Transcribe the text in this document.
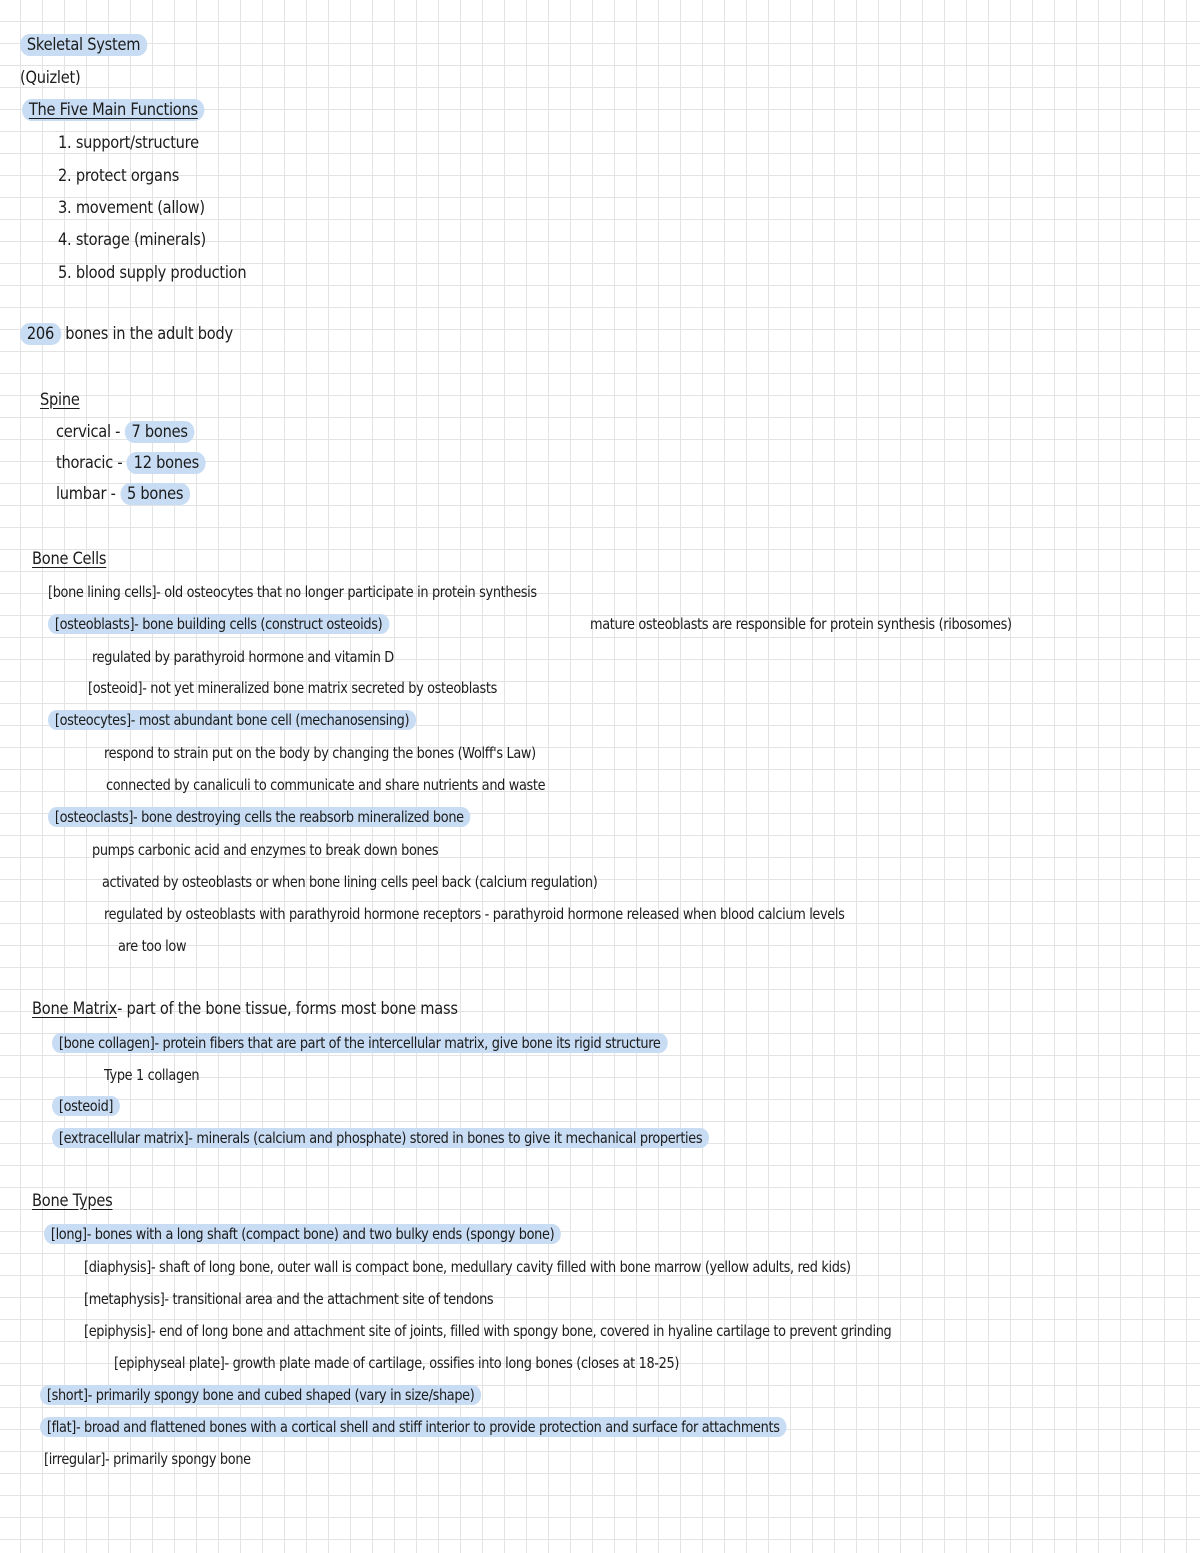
Skeletal System
(Quizlet)
The Five Main Functions
1. support/structure
2. protect organs
3. movement (allow)
4. storage (minerals)
5. blood supply production
206 bones in the adult body
Spine
cervical - 7 bones
thoracic - 12 bones
lumbar - 5 bones
Bone Cells
[bone lining cells]- old osteocytes that no longer participate in protein synthesis
[osteoblasts]- bone building cells (construct osteoids)	mature osteoblasts are responsible for protein synthesis (ribosomes)
regulated by parathyroid hormone and vitamin D
[osteoid]- not yet mineralized bone matrix secreted by osteoblasts
[osteocytes]- most abundant bone cell (mechanosensing)
respond to strain put on the body by changing the bones (Wolff's Law)
connected by canaliculi to communicate and share nutrients and waste
[osteoclasts]- bone destroying cells the reabsorb mineralized bone
pumps carbonic acid and enzymes to break down bones
activated by osteoblasts or when bone lining cells peel back (calcium regulation)
regulated by osteoblasts with parathyroid hormone receptors - parathyroid hormone released when blood calcium levels
are too low
Bone Matrix- part of the bone tissue, forms most bone mass
[bone collagen]- protein fibers that are part of the intercellular matrix, give bone its rigid structure
Type 1 collagen
[osteoid]
[extracellular matrix]- minerals (calcium and phosphate) stored in bones to give it mechanical properties
Bone Types
[long]- bones with a long shaft (compact bone) and two bulky ends (spongy bone)
[diaphysis]- shaft of long bone, outer wall is compact bone, medullary cavity filled with bone marrow (yellow adults, red kids)
[metaphysis]- transitional area and the attachment site of tendons
[epiphysis]- end of long bone and attachment site of joints, filled with spongy bone, covered in hyaline cartilage to prevent grinding
[epiphyseal plate]- growth plate made of cartilage, ossifies into long bones (closes at 18-25)
[short]- primarily spongy bone and cubed shaped (vary in size/shape)
[flat]- broad and flattened bones with a cortical shell and stiff interior to provide protection and surface for attachments
[irregular]- primarily spongy bone
